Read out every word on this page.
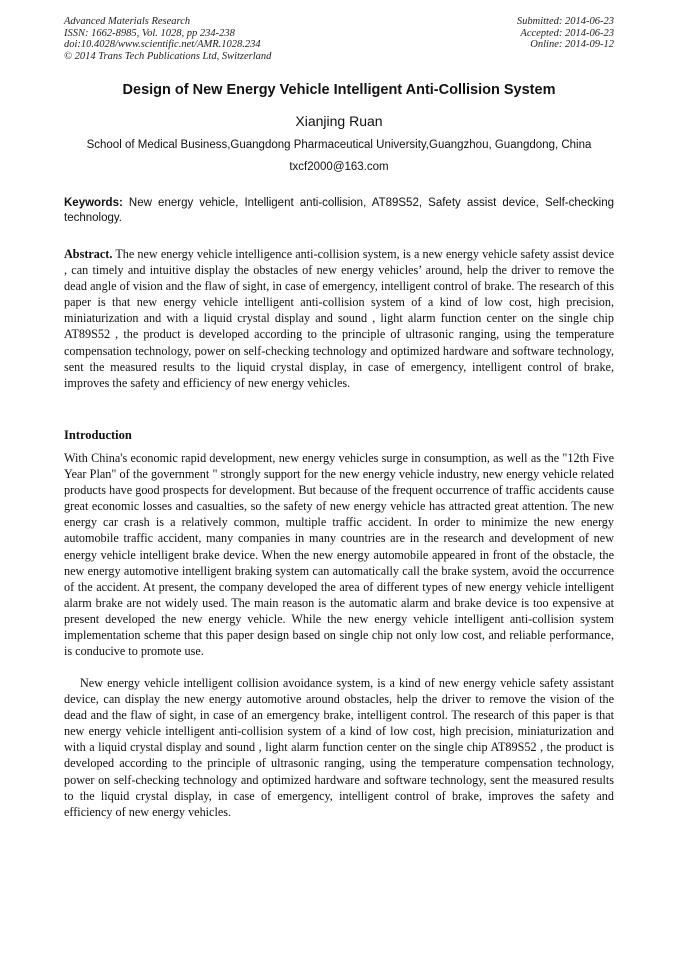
Advanced Materials Research
ISSN: 1662-8985, Vol. 1028, pp 234-238
doi:10.4028/www.scientific.net/AMR.1028.234
© 2014 Trans Tech Publications Ltd, Switzerland
Submitted: 2014-06-23
Accepted: 2014-06-23
Online: 2014-09-12
Design of New Energy Vehicle Intelligent Anti-Collision System
Xianjing Ruan
School of Medical Business,Guangdong Pharmaceutical University,Guangzhou, Guangdong, China
txcf2000@163.com
Keywords: New energy vehicle, Intelligent anti-collision, AT89S52, Safety assist device, Self-checking technology.

Abstract. The new energy vehicle intelligence anti-collision system, is a new energy vehicle safety assist device , can timely and intuitive display the obstacles of new energy vehicles’ around, help the driver to remove the dead angle of vision and the flaw of sight, in case of emergency, intelligent control of brake. The research of this paper is that new energy vehicle intelligent anti-collision system of a kind of low cost, high precision, miniaturization and with a liquid crystal display and sound , light alarm function center on the single chip AT89S52 , the product is developed according to the principle of ultrasonic ranging, using the temperature compensation technology, power on self-checking technology and optimized hardware and software technology, sent the measured results to the liquid crystal display, in case of emergency, intelligent control of brake, improves the safety and efficiency of new energy vehicles.

Introduction

With China's economic rapid development, new energy vehicles surge in consumption, as well as the "12th Five Year Plan" of the government " strongly support for the new energy vehicle industry, new energy vehicle related products have good prospects for development. But because of the frequent occurrence of traffic accidents cause great economic losses and casualties, so the safety of new energy vehicle has attracted great attention. The new energy car crash is a relatively common, multiple traffic accident. In order to minimize the new energy automobile traffic accident, many companies in many countries are in the research and development of new energy vehicle intelligent brake device. When the new energy automobile appeared in front of the obstacle, the new energy automotive intelligent braking system can automatically call the brake system, avoid the occurrence of the accident. At present, the company developed the area of different types of new energy vehicle intelligent alarm brake are not widely used. The main reason is the automatic alarm and brake device is too expensive at present developed the new energy vehicle. While the new energy vehicle intelligent anti-collision system implementation scheme that this paper design based on single chip not only low cost, and reliable performance, is conducive to promote use.

New energy vehicle intelligent collision avoidance system, is a kind of new energy vehicle safety assistant device, can display the new energy automotive around obstacles, help the driver to remove the vision of the dead and the flaw of sight, in case of an emergency brake, intelligent control. The research of this paper is that new energy vehicle intelligent anti-collision system of a kind of low cost, high precision, miniaturization and with a liquid crystal display and sound , light alarm function center on the single chip AT89S52 , the product is developed according to the principle of ultrasonic ranging, using the temperature compensation technology, power on self-checking technology and optimized hardware and software technology, sent the measured results to the liquid crystal display, in case of emergency, intelligent control of brake, improves the safety and efficiency of new energy vehicles.
